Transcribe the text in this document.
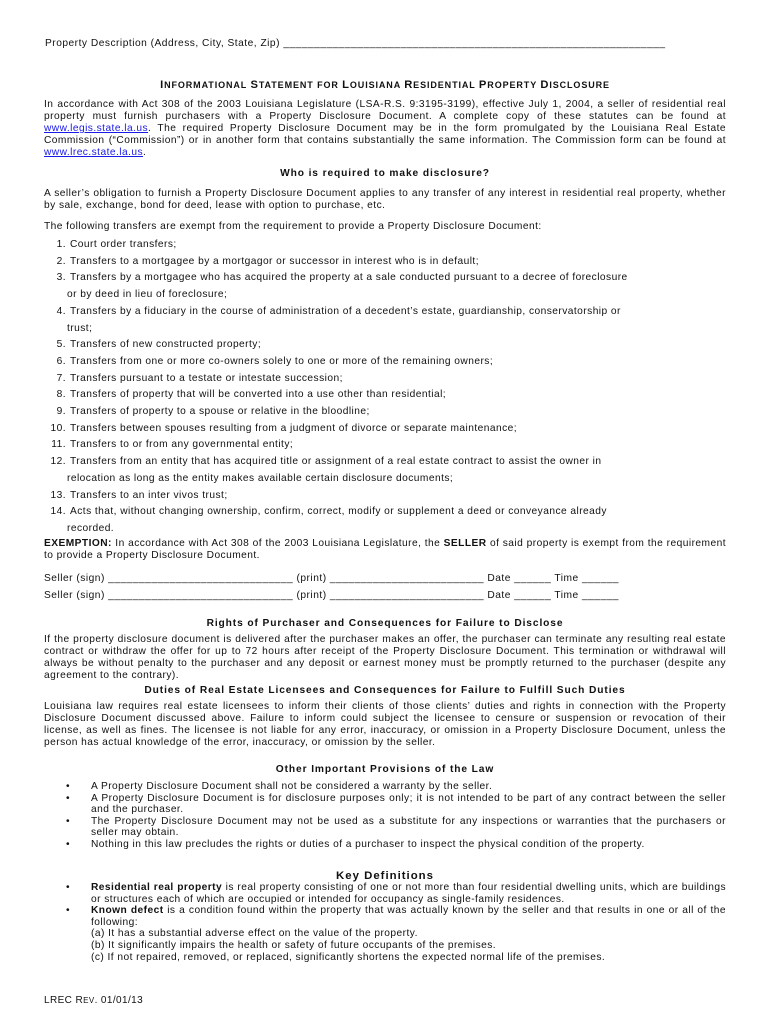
Property Description (Address, City, State, Zip) ______________________________________________________________
INFORMATIONAL STATEMENT FOR LOUISIANA RESIDENTIAL PROPERTY DISCLOSURE

In accordance with Act 308 of the 2003 Louisiana Legislature (LSA-R.S. 9:3195-3199), effective July 1, 2004, a seller of residential real property must furnish purchasers with a Property Disclosure Document. A complete copy of these statutes can be found at www.legis.state.la.us. The required Property Disclosure Document may be in the form promulgated by the Louisiana Real Estate Commission (“Commission”) or in another form that contains substantially the same information. The Commission form can be found at www.lrec.state.la.us.

Who is required to make disclosure?

A seller’s obligation to furnish a Property Disclosure Document applies to any transfer of any interest in residential real property, whether by sale, exchange, bond for deed, lease with option to purchase, etc.

The following transfers are exempt from the requirement to provide a Property Disclosure Document:

1. Court order transfers;
2. Transfers to a mortgagee by a mortgagor or successor in interest who is in default;
3. Transfers by a mortgagee who has acquired the property at a sale conducted pursuant to a decree of foreclosure
or by deed in lieu of foreclosure;
4. Transfers by a fiduciary in the course of administration of a decedent’s estate, guardianship, conservatorship or
trust;
5. Transfers of new constructed property;
6. Transfers from one or more co-owners solely to one or more of the remaining owners;
7. Transfers pursuant to a testate or intestate succession;
8. Transfers of property that will be converted into a use other than residential;
9. Transfers of property to a spouse or relative in the bloodline;
10. Transfers between spouses resulting from a judgment of divorce or separate maintenance;
11. Transfers to or from any governmental entity;
12. Transfers from an entity that has acquired title or assignment of a real estate contract to assist the owner in
relocation as long as the entity makes available certain disclosure documents;
13. Transfers to an inter vivos trust;
14. Acts that, without changing ownership, confirm, correct, modify or supplement a deed or conveyance already
recorded.

EXEMPTION: In accordance with Act 308 of the 2003 Louisiana Legislature, the SELLER of said property is exempt from the requirement to provide a Property Disclosure Document.

Seller (sign) ______________________________ (print) _________________________ Date ______ Time ______
Seller (sign) ______________________________ (print) _________________________ Date ______ Time ______
Rights of Purchaser and Consequences for Failure to Disclose

If the property disclosure document is delivered after the purchaser makes an offer, the purchaser can terminate any resulting real estate contract or withdraw the offer for up to 72 hours after receipt of the Property Disclosure Document. This termination or withdrawal will always be without penalty to the purchaser and any deposit or earnest money must be promptly returned to the purchaser (despite any agreement to the contrary).

Duties of Real Estate Licensees and Consequences for Failure to Fulfill Such Duties

Louisiana law requires real estate licensees to inform their clients of those clients’ duties and rights in connection with the Property Disclosure Document discussed above. Failure to inform could subject the licensee to censure or suspension or revocation of their license, as well as fines. The licensee is not liable for any error, inaccuracy, or omission in a Property Disclosure Document, unless the person has actual knowledge of the error, inaccuracy, or omission by the seller.

Other Important Provisions of the Law
• A Property Disclosure Document shall not be considered a warranty by the seller.
• A Property Disclosure Document is for disclosure purposes only; it is not intended to be part of any contract between the seller and the purchaser.
• The Property Disclosure Document may not be used as a substitute for any inspections or warranties that the purchasers or seller may obtain.
• Nothing in this law precludes the rights or duties of a purchaser to inspect the physical condition of the property.
Key Definitions
• Residential real property is real property consisting of one or not more than four residential dwelling units, which are buildings or structures each of which are occupied or intended for occupancy as single-family residences.
• Known defect is a condition found within the property that was actually known by the seller and that results in one or all of the following:
(a) It has a substantial adverse effect on the value of the property.
(b) It significantly impairs the health or safety of future occupants of the premises.
(c) If not repaired, removed, or replaced, significantly shortens the expected normal life of the premises.
LREC REV. 01/01/13
